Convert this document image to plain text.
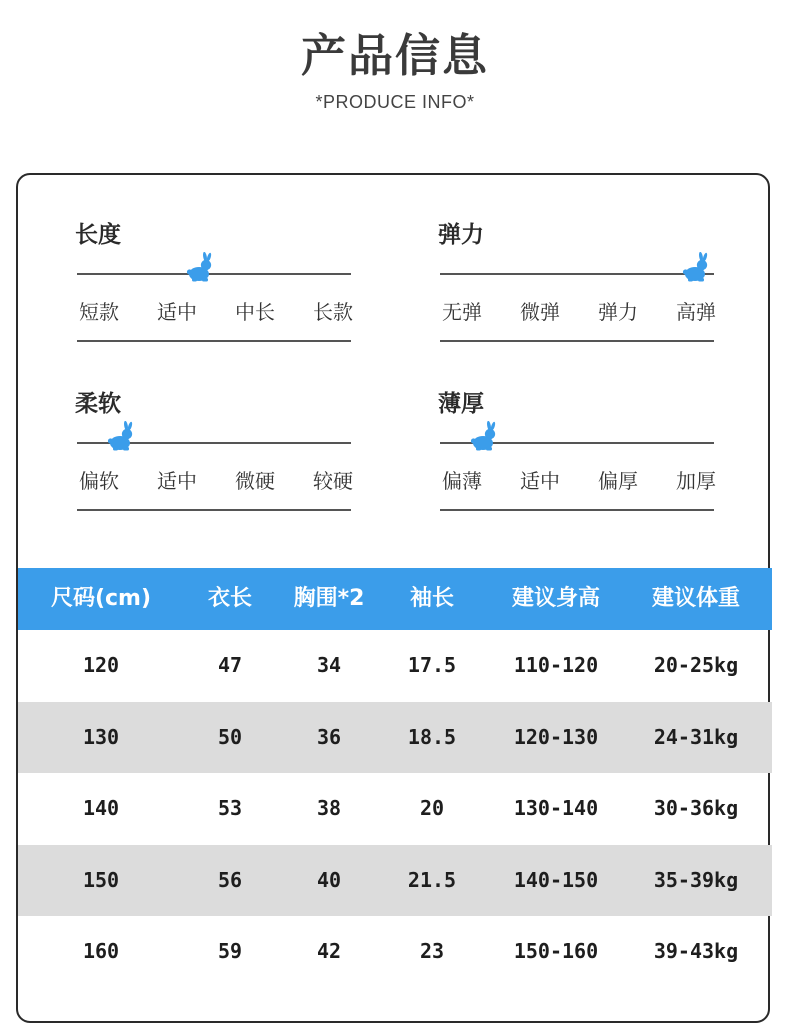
产品信息
*PRODUCE INFO*
长度
短款	适中	中长	长款
弹力
无弹	微弹	弹力	高弹
柔软
偏软	适中	微硬	较硬
薄厚
偏薄	适中	偏厚	加厚
尺码(cm)	衣长	胸围*2	袖长	建议身高	建议体重
120	47	34	17.5	110-120	20-25kg
130	50	36	18.5	120-130	24-31kg
140	53	38	20	130-140	30-36kg
150	56	40	21.5	140-150	35-39kg
160	59	42	23	150-160	39-43kg
